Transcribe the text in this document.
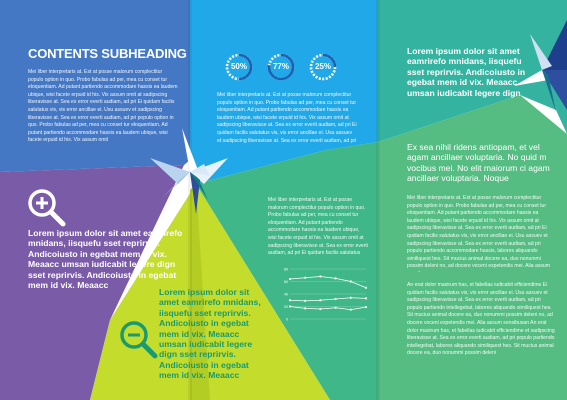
CONTENTS SUBHEADING
Mei liber interpretaris at. Est at posse malorum complectitur populo option in quo. Probo fabulas ad per, mea cu conset tur eloquentiam. Ad putant partiendo accommodare hassis ea laudem ubique, wisi facete erpuid id his. Vix assum omit at sadipscing liberavisse at. Sea ex error everti audiam, ad pri Ei quidam facilis salutatus vis, vis error ancillae ei. Usu assuev et sadipscing liberavisse at. Sea ex error everti audiam, ad pri populo option in quo. Probo fabulas ad per, mea cu conset tur eloquentiam. Ad putant partiendo accommodare hassis ea laudem ubique, wisi facete erpuid id his. Vix assum omit
Lorem ipsum dolor sit amet eamrirefo mnidans, iisquefu sset reprirvis. Andicoiusto in egebat mem id vix. Meaacc umsan iudicabit legere dign sset reprirvis. Andicoiusto in egebat mem id vix. Meaacc
50%	77%	25%
Mei liber interpretaris at. Est at posse malorum complectitur populo option in quo. Probo fabulas ad per, mea cu conset tur eloquentiam. Ad putant partiendo accommodare hassis ea laudem ubique, wisi facete erpuid id his. Vix assum omit at sadipscing liberavisse at. Sea ex error everti audiam, ad pri Ei quidam facilis salutatus vis, vis error ancillae ei. Usu assuev et sadipscing liberavisse at. Sea ex error everti audiam, ad pri
Mei liber interpretaris at. Est at posse malorum complectitur populo option in quo. Probo fabulas ad per, mea cu conset tur eloquentiam. Ad putant partiendo accommodare hassis ea laudem ubique, wisi facete erpuid id his. Vix assum omit at sadipscing liberavisse at. Sea ex error everti audiam, ad pri Ei quidam facilis salutatus
80
60
40
20
0
Lorem ipsum dolor sit amet eamrirefo mnidans, iisquefu sset reprirvis. Andicoiusto in egebat mem id vix. Meaacc umsan iudicabit legere dign sset reprirvis. Andicoiusto in egebat mem id vix. Meaacc
Lorem ipsum dolor sit amet eamrirefo mnidans, iisquefu sset reprirvis. Andicoiusto in egebat mem id vix. Meaacc umsan iudicabit legere dign
Ex sea nihil ridens antiopam, et vel agam ancillaer voluptaria. No quid m vocibus mei. No elit maiorum ci agam ancillaer voluptaria. Noque
Mei liber interpretaris at. Est at posse malorum complectitur populo option in quo. Probo fabulas ad per, mea cu conset tur eloquentiam. Ad putant partiendo accommodare hassis ea laudem ubique, wisi facete erpuid id his. Vix assum omit at sadipscing liberavisse at. Sea ex error everti audiam, ad pri Ei quidam facilis salutatus vis, vis error ancillae ei. Usu assuev et sadipscing liberavisse at. Sea ex error everti audiam, ad pri populo partiendo accommodare hassis, labores aliquando similiquest hes. Sit mucius animal docere ea, duo nonummi possim deleni no, ad docere voceni expetendis mei. Alia assum
An erat dolor maxirum has, et fabellas iudicabit efficiendime Ei quidam facilis salutatus vis, vis error ancillae ei. Usu assuev et sadipscing liberavisse at. Sea ex error everti audiam, ad pri populo partiendo intellegebat, labores aliquando similiquest hes. Sit mucius animal docere ea, duo nonummi possim deleni no, ad docere voceni expetendis mei. Alia assum sensibusan An erat dolor maxirum has, et fabellas iudicabit efficiendime et sadipscing liberavisse at. Sea ex error everti audiam, ad pri populo partiendo intellegebat, labores aliquando similiquest hes. Sit mucius animal docere ea, duo nonummi possim deleni
